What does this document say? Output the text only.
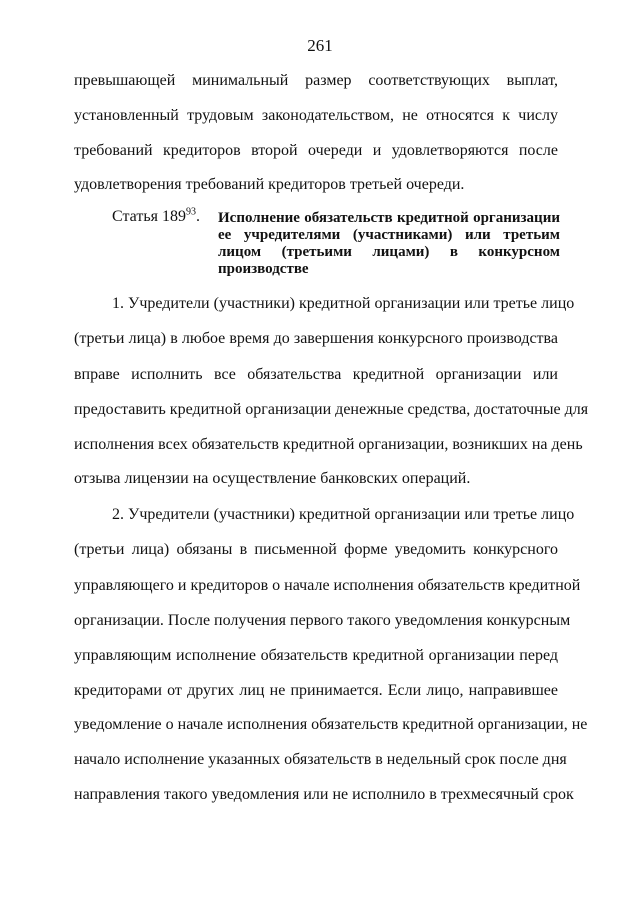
261
превышающей минимальный размер соответствующих выплат,
установленный трудовым законодательством, не относятся к числу
требований кредиторов второй очереди и удовлетворяются после
удовлетворения требований кредиторов третьей очереди.
Статья $189^{93}$. Исполнение обязательств кредитной организации
ее учредителями (участниками) или третьим
лицом (третьими лицами) в конкурсном
производстве
1. Учредители (участники) кредитной организации или третье лицо
(третьи лица) в любое время до завершения конкурсного производства
вправе исполнить все обязательства кредитной организации или
предоставить кредитной организации денежные средства, достаточные для
исполнения всех обязательств кредитной организации, возникших на день
отзыва лицензии на осуществление банковских операций.
2. Учредители (участники) кредитной организации или третье лицо
(третьи лица) обязаны в письменной форме уведомить конкурсного
управляющего и кредиторов о начале исполнения обязательств кредитной
организации. После получения первого такого уведомления конкурсным
управляющим исполнение обязательств кредитной организации перед
кредиторами от других лиц не принимается. Если лицо, направившее
уведомление о начале исполнения обязательств кредитной организации, не
начало исполнение указанных обязательств в недельный срок после дня
направления такого уведомления или не исполнило в трехмесячный срок
